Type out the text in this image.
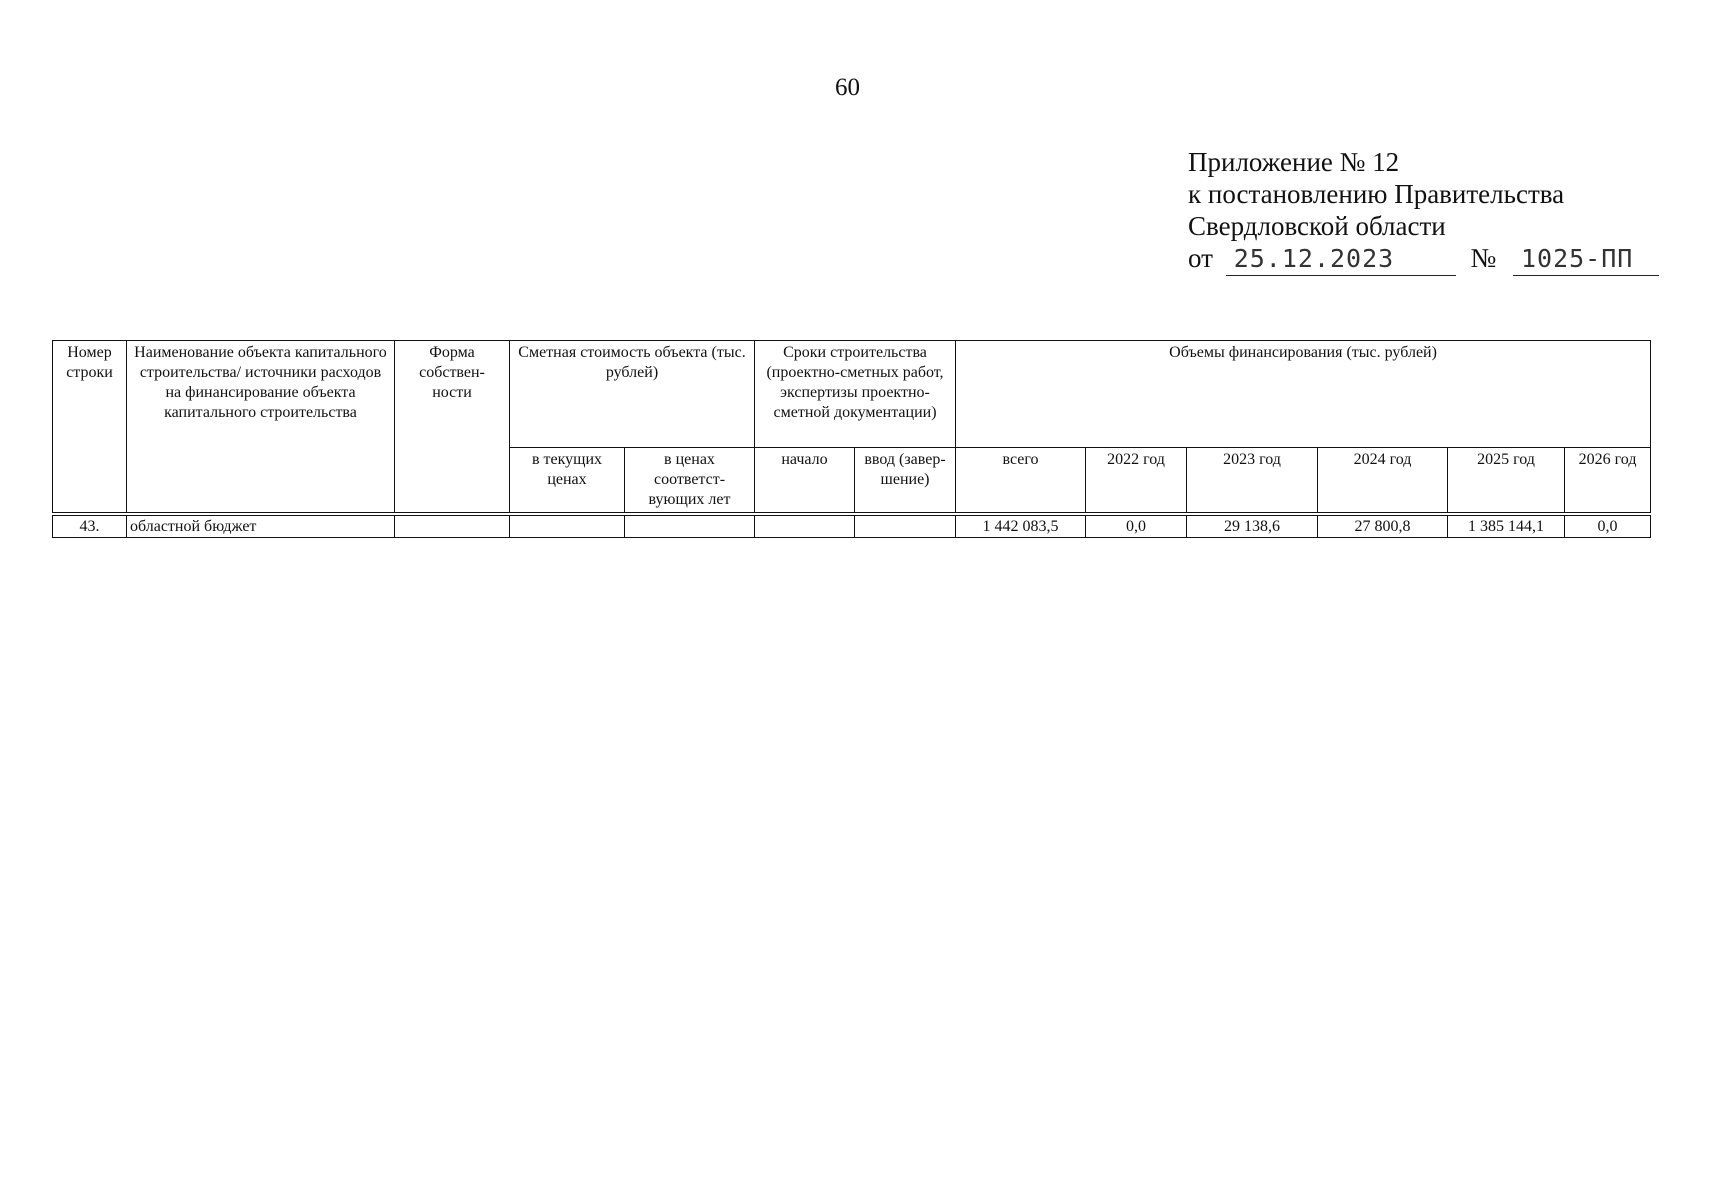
60
Приложение № 12
к постановлению Правительства
Свердловской области
от 25.12.2023	№ 1025-ПП
Номер строки	Наименование объекта капитального строительства/ источники расходов на финансирование объекта капитального строительства	Форма собствен- ности	Сметная стоимость объекта (тыс. рублей)		Сроки строительства (проектно-сметных работ, экспертизы проектно-сметной документации)		Объемы финансирования (тыс. рублей)					
			в текущих ценах	в ценах соответст- вующих лет	начало	ввод (завер- шение)	всего	2022 год	2023 год	2024 год	2025 год	2026 год

43.	областной бюджет						1 442 083,5	0,0	29 138,6	27 800,8	1 385 144,1	0,0
